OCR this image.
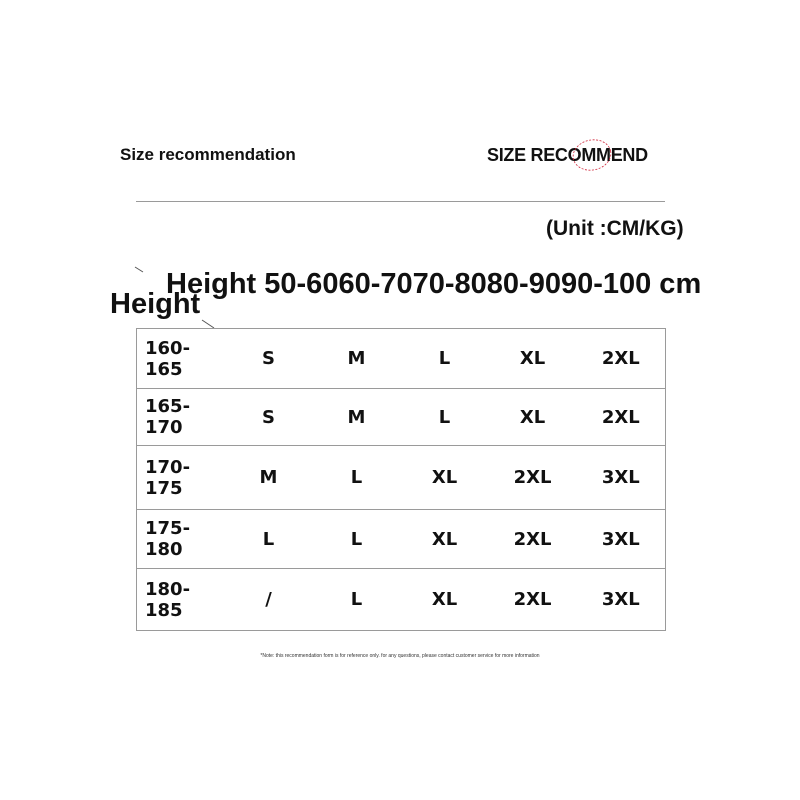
Size recommendation	SIZE RECOMMEND
(Unit :CM/KG)
Height 50-6060-7070-8080-9090-100 cm
Height
160-165	S	M	L	XL	2XL
165-170	S	M	L	XL	2XL
170-175	M	L	XL	2XL	3XL
175-180	L	L	XL	2XL	3XL
180-185	/	L	XL	2XL	3XL
*Note: this recommendation form is for reference only. for any questions, please contact customer service for more information
